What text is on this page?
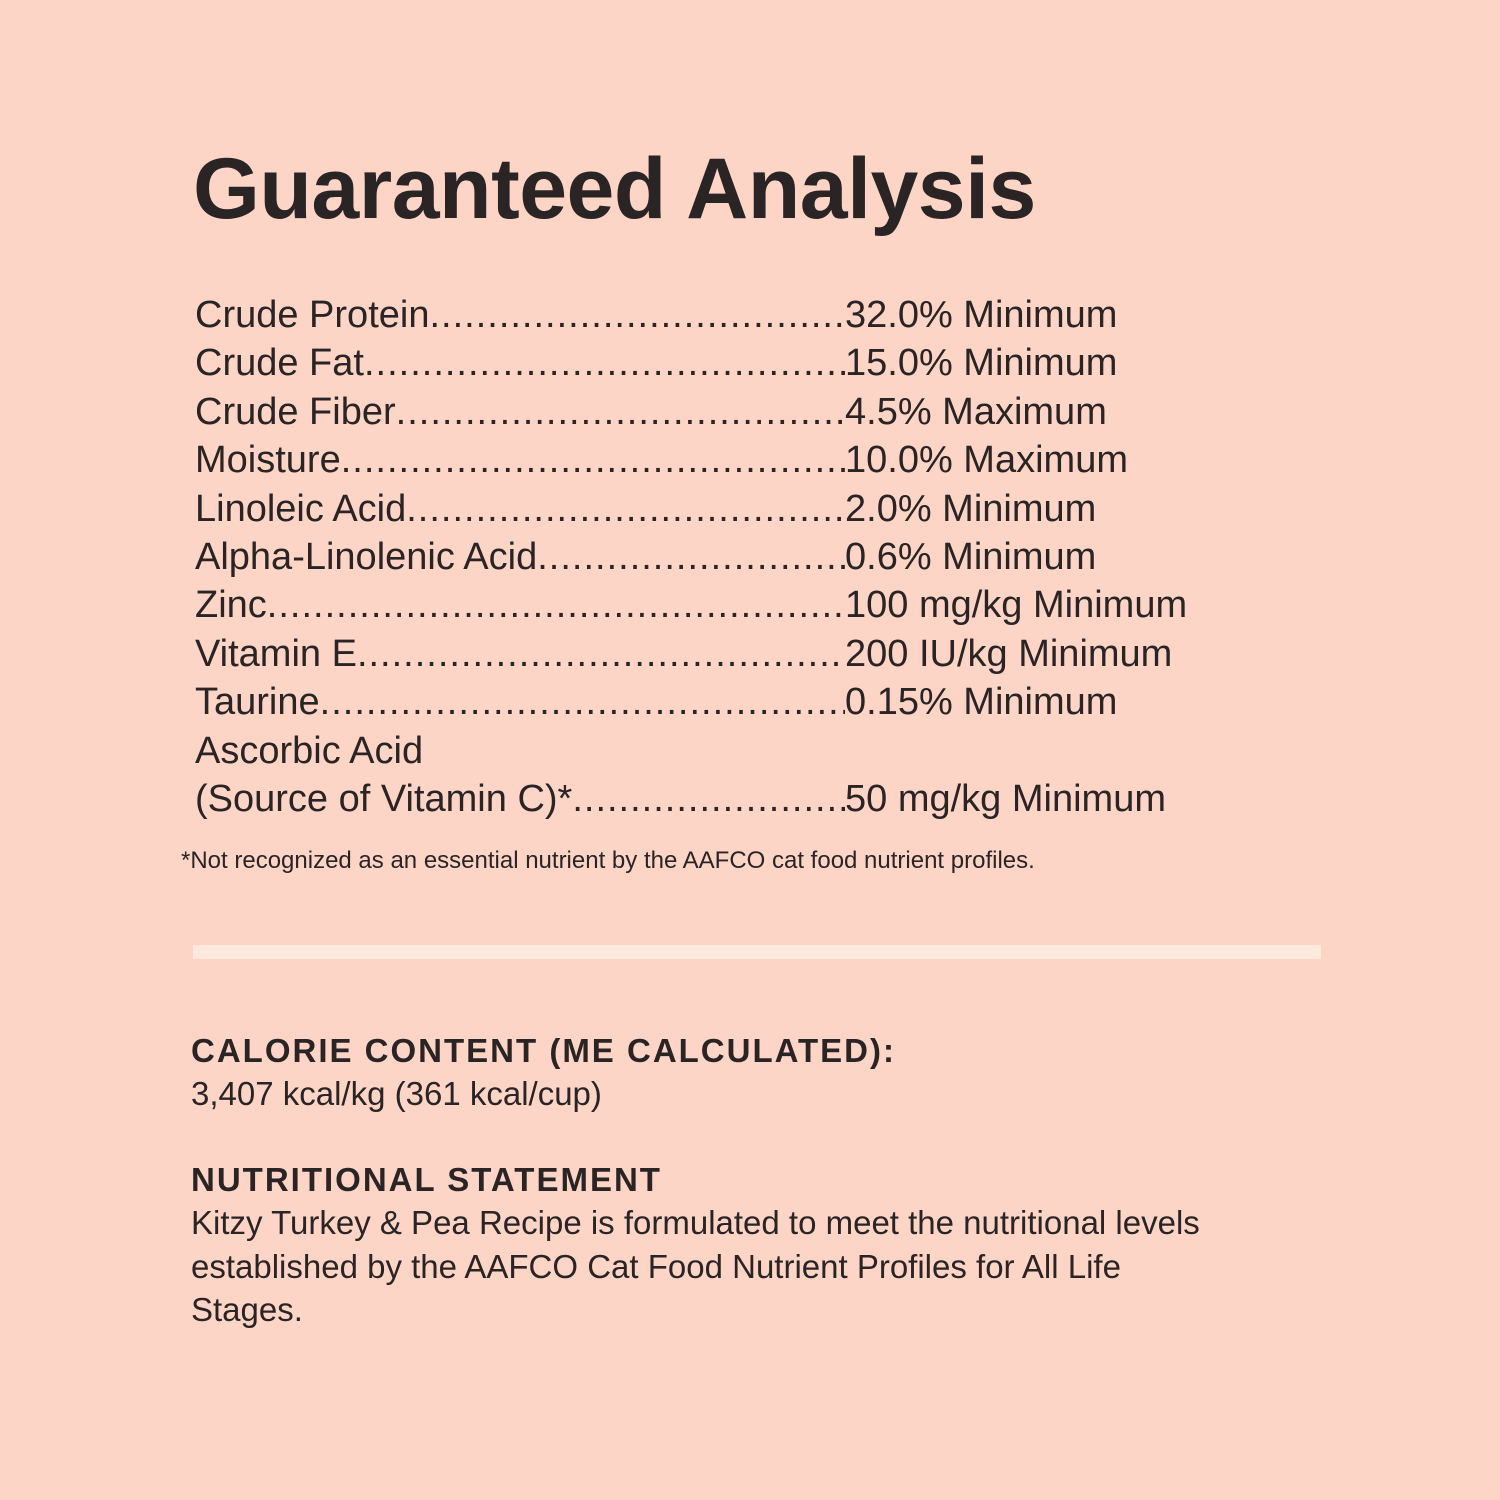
Guaranteed Analysis
Crude Protein .....	32.0% Minimum
Crude Fat .....	15.0% Minimum
Crude Fiber .....	4.5% Maximum
Moisture .....	10.0% Maximum
Linoleic Acid .....	2.0% Minimum
Alpha-Linolenic Acid .....	0.6% Minimum
Zinc .....	100 mg/kg Minimum
Vitamin E .....	200 IU/kg Minimum
Taurine .....	0.15% Minimum
Ascorbic Acid
(Source of Vitamin C)* .....	50 mg/kg Minimum
*Not recognized as an essential nutrient by the AAFCO cat food nutrient profiles.
CALORIE CONTENT (ME CALCULATED):

3,407 kcal/kg (361 kcal/cup)

NUTRITIONAL STATEMENT

Kitzy Turkey & Pea Recipe is formulated to meet the nutritional levels established by the AAFCO Cat Food Nutrient Profiles for All Life Stages.
